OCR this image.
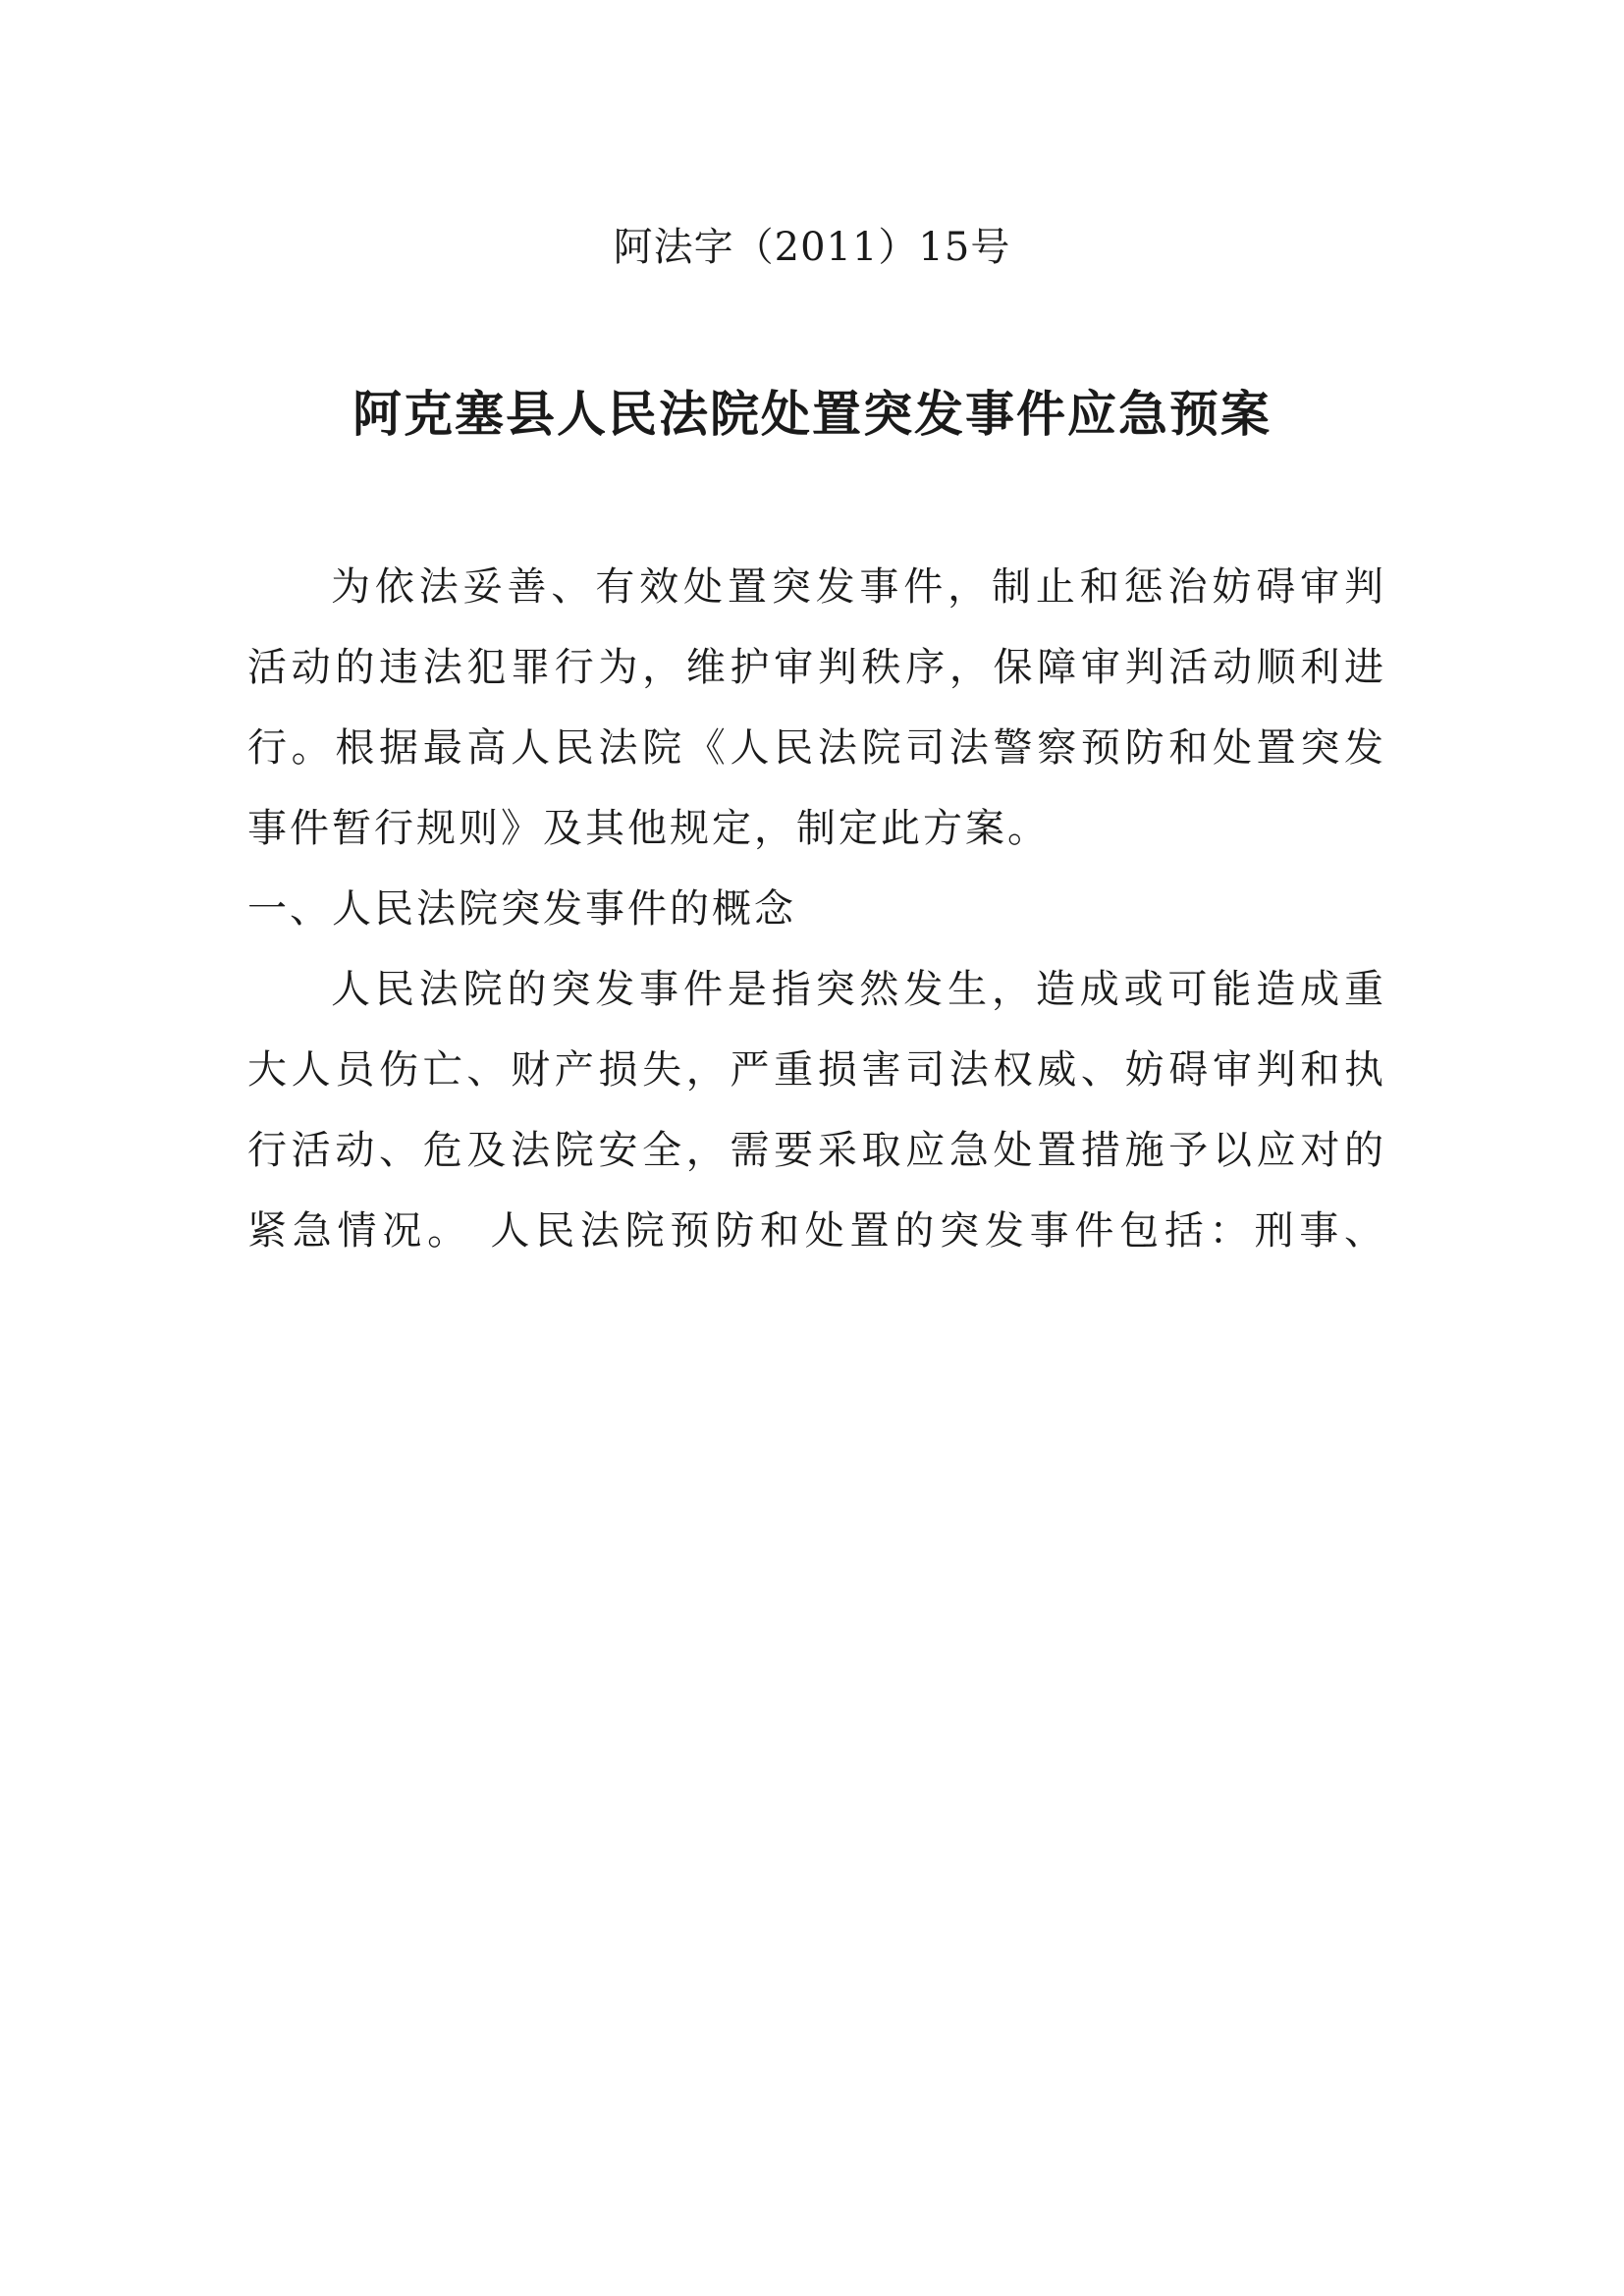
阿法字（2011）15号
阿克塞县人民法院处置突发事件应急预案
为依法妥善、有效处置突发事件，制止和惩治妨碍审判
活动的违法犯罪行为，维护审判秩序，保障审判活动顺利进
行。根据最高人民法院《人民法院司法警察预防和处置突发
事件暂行规则》及其他规定，制定此方案。
一、人民法院突发事件的概念
人民法院的突发事件是指突然发生，造成或可能造成重
大人员伤亡、财产损失，严重损害司法权威、妨碍审判和执
行活动、危及法院安全，需要采取应急处置措施予以应对的
紧急情况。 人民法院预防和处置的突发事件包括：刑事、
